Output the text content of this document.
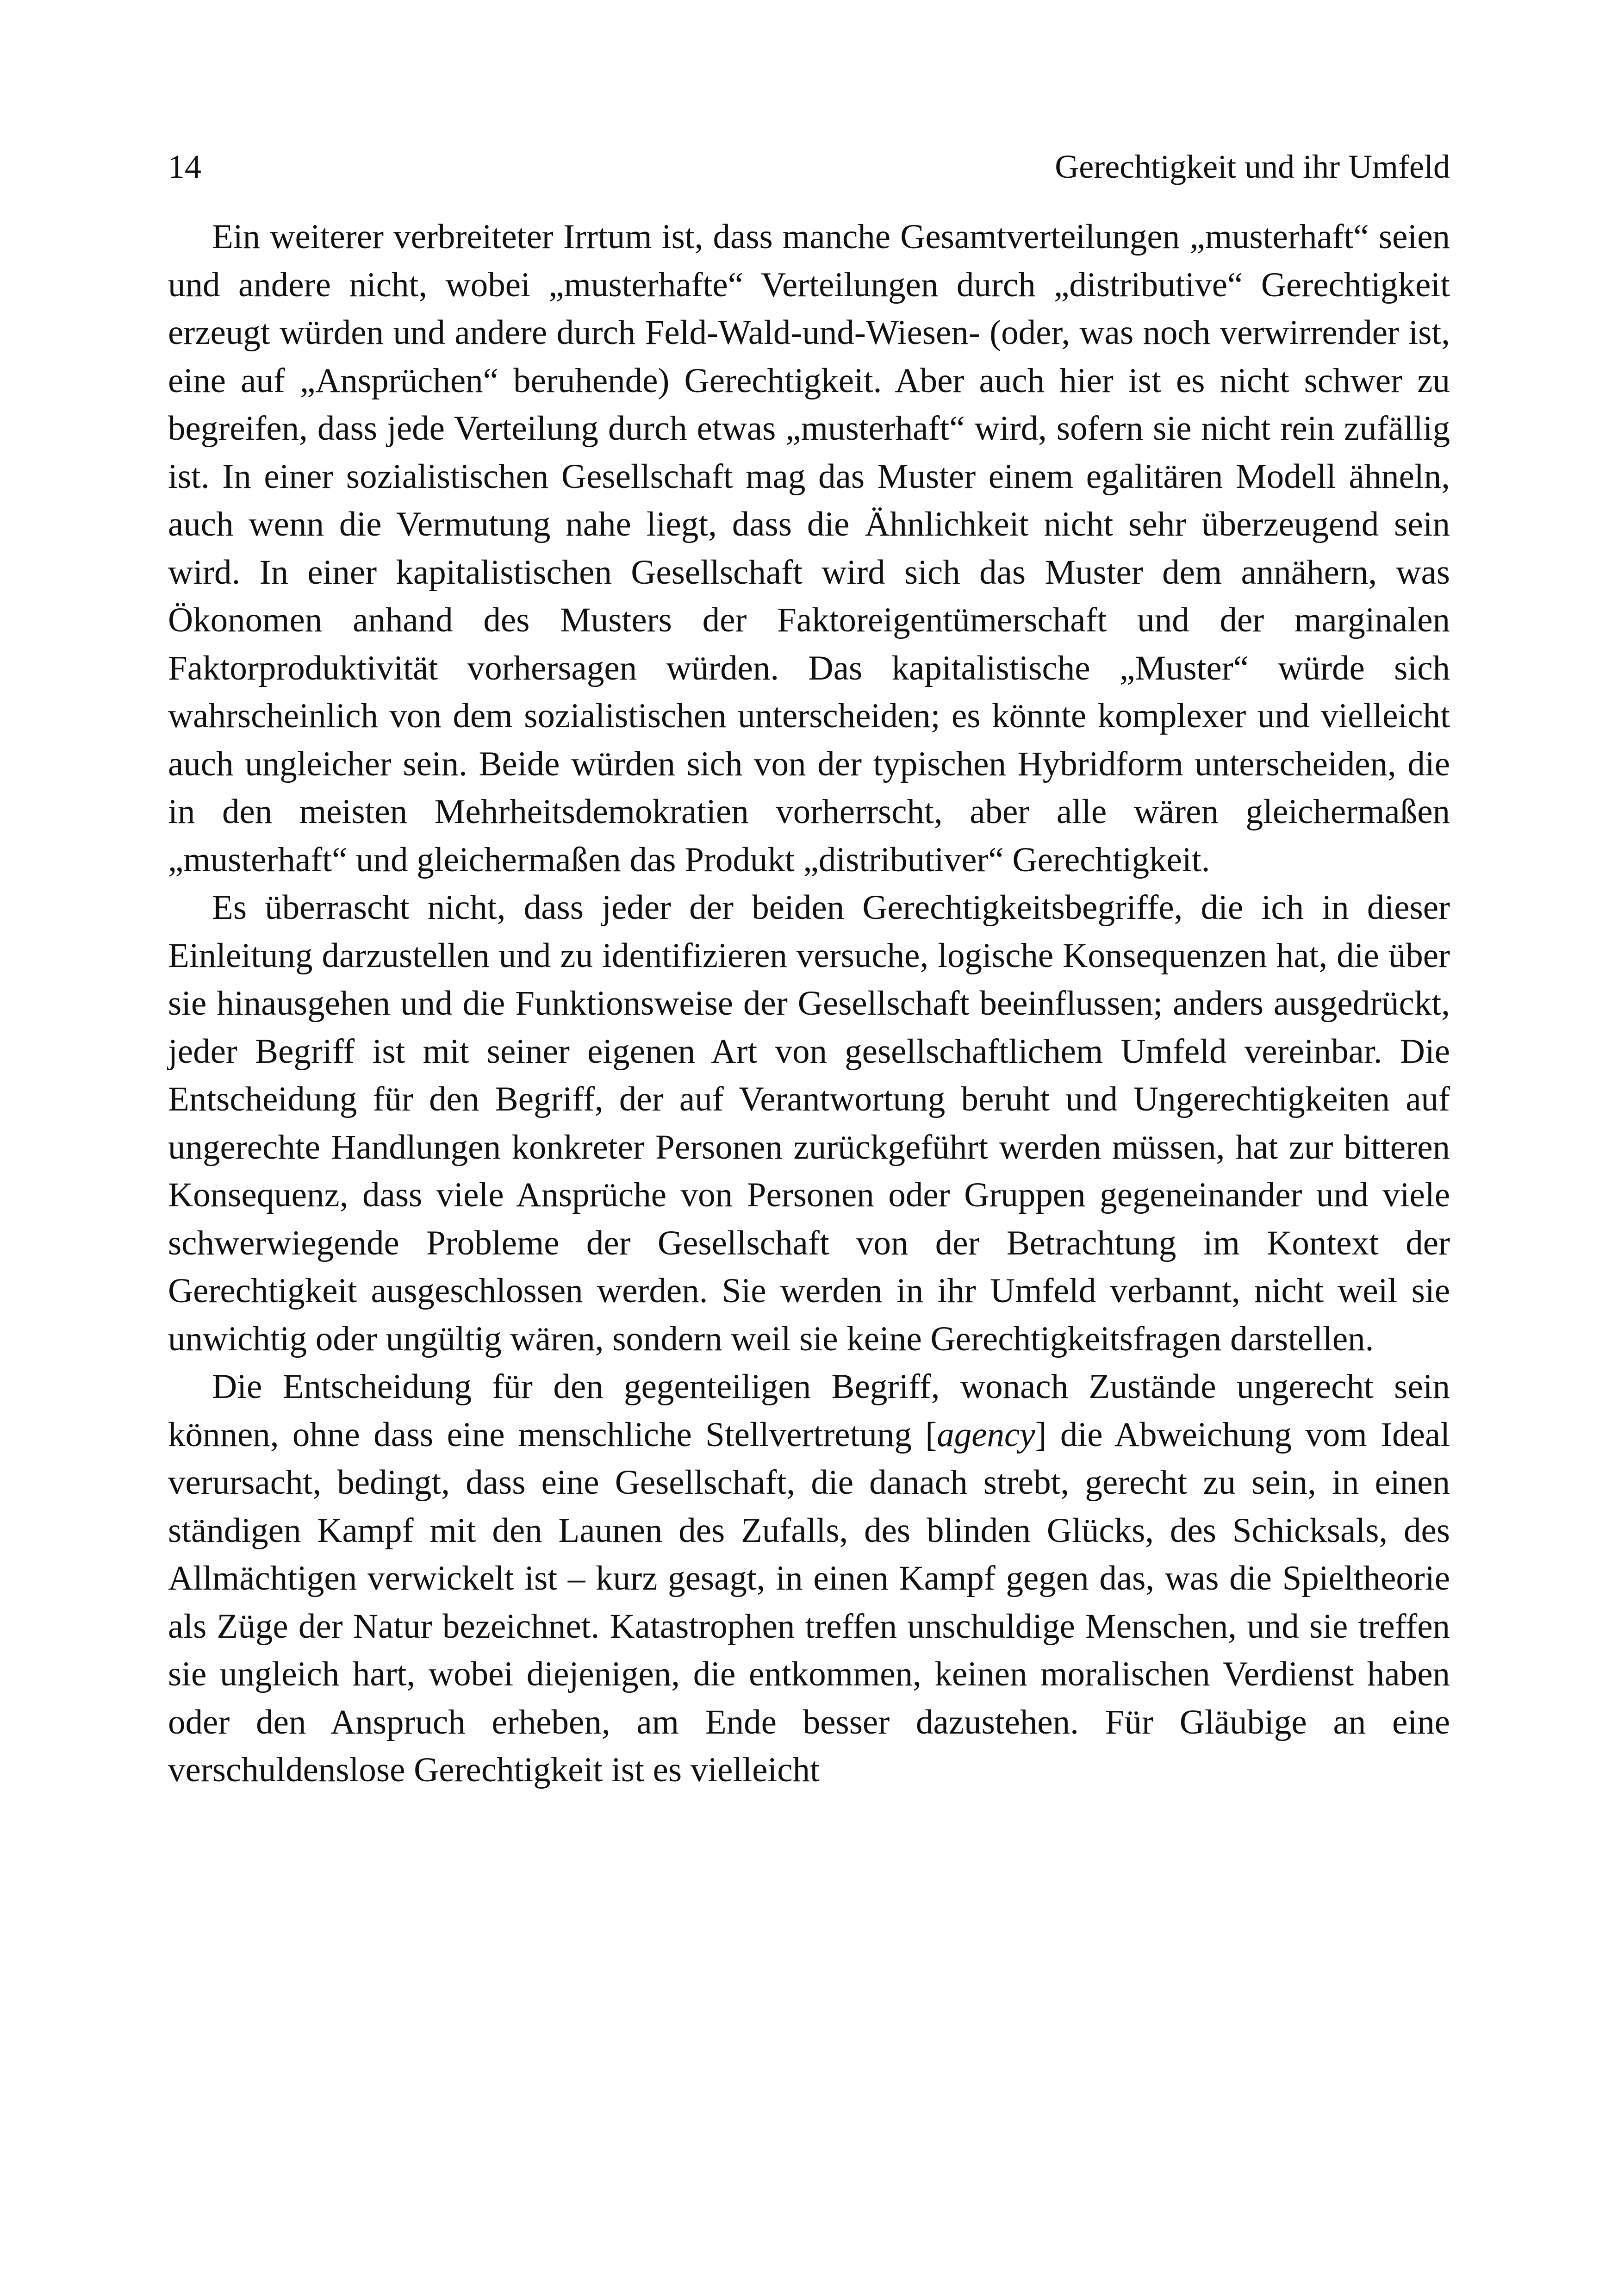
14	Gerechtigkeit und ihr Umfeld

Ein weiterer verbreiteter Irrtum ist, dass manche Gesamtverteilungen „musterhaft“ seien und andere nicht, wobei „musterhafte“ Verteilungen durch „distributive“ Gerechtigkeit erzeugt würden und andere durch Feld-Wald-und-Wiesen- (oder, was noch verwirrender ist, eine auf „Ansprüchen“ beruhende) Gerechtigkeit. Aber auch hier ist es nicht schwer zu begreifen, dass jede Verteilung durch etwas „musterhaft“ wird, sofern sie nicht rein zufällig ist. In einer sozialistischen Gesellschaft mag das Muster einem egalitären Modell ähneln, auch wenn die Vermutung nahe liegt, dass die Ähnlichkeit nicht sehr überzeugend sein wird. In einer kapitalistischen Gesellschaft wird sich das Muster dem annähern, was Ökonomen anhand des Musters der Faktoreigentümerschaft und der marginalen Faktorproduktivität vorhersagen würden. Das kapitalistische „Muster“ würde sich wahrscheinlich von dem sozialistischen unterscheiden; es könnte komplexer und vielleicht auch ungleicher sein. Beide würden sich von der typischen Hybridform unterscheiden, die in den meisten Mehrheitsdemokratien vorherrscht, aber alle wären gleichermaßen „musterhaft“ und gleichermaßen das Produkt „distributiver“ Gerechtigkeit.

Es überrascht nicht, dass jeder der beiden Gerechtigkeitsbegriffe, die ich in dieser Einleitung darzustellen und zu identifizieren versuche, logische Konsequenzen hat, die über sie hinausgehen und die Funktionsweise der Gesellschaft beeinflussen; anders ausgedrückt, jeder Begriff ist mit seiner eigenen Art von gesellschaftlichem Umfeld vereinbar. Die Entscheidung für den Begriff, der auf Verantwortung beruht und Ungerechtigkeiten auf ungerechte Handlungen konkreter Personen zurückgeführt werden müssen, hat zur bitteren Konsequenz, dass viele Ansprüche von Personen oder Gruppen gegeneinander und viele schwerwiegende Probleme der Gesellschaft von der Betrachtung im Kontext der Gerechtigkeit ausgeschlossen werden. Sie werden in ihr Umfeld verbannt, nicht weil sie unwichtig oder ungültig wären, sondern weil sie keine Gerechtigkeitsfragen darstellen.

Die Entscheidung für den gegenteiligen Begriff, wonach Zustände ungerecht sein können, ohne dass eine menschliche Stellvertretung [agency] die Abweichung vom Ideal verursacht, bedingt, dass eine Gesellschaft, die danach strebt, gerecht zu sein, in einen ständigen Kampf mit den Launen des Zufalls, des blinden Glücks, des Schicksals, des Allmächtigen verwickelt ist – kurz gesagt, in einen Kampf gegen das, was die Spieltheorie als Züge der Natur bezeichnet. Katastrophen treffen unschuldige Menschen, und sie treffen sie ungleich hart, wobei diejenigen, die entkommen, keinen moralischen Verdienst haben oder den Anspruch erheben, am Ende besser dazustehen. Für Gläubige an eine verschuldenslose Gerechtigkeit ist es vielleicht
